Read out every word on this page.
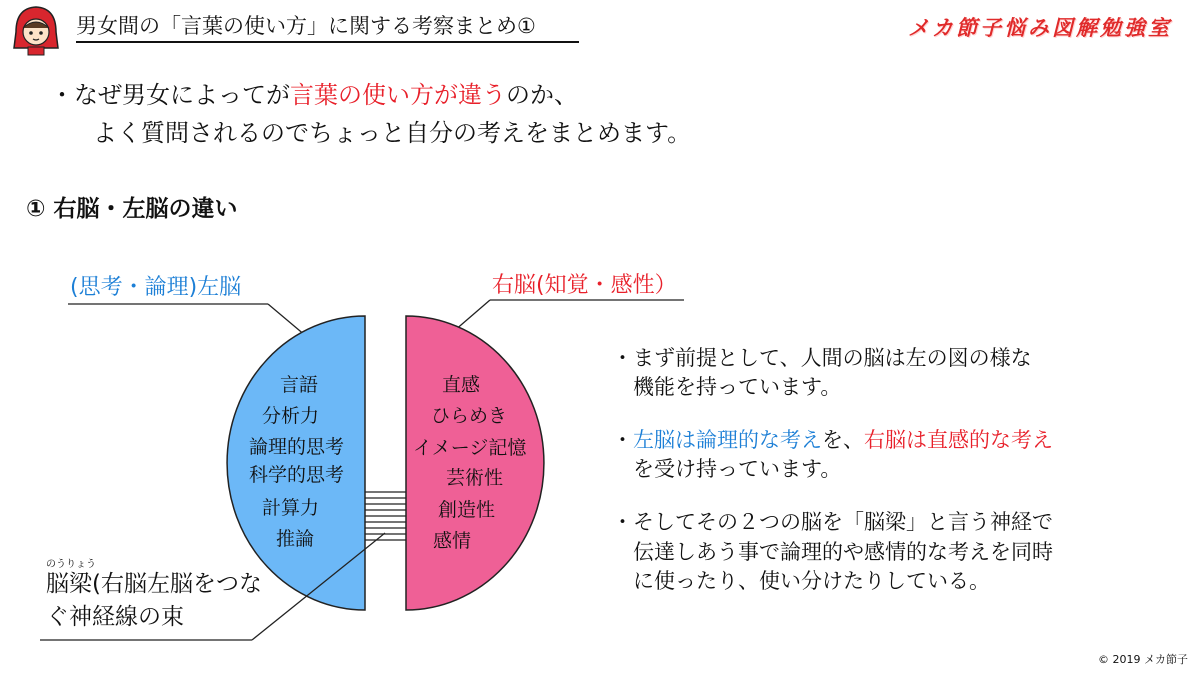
男女間の「言葉の使い方」に関する考察まとめ①	メカ節子悩み図解勉強室
・なぜ男女によってが言葉の使い方が違うのか、
よく質問されるのでちょっと自分の考えをまとめます。
① 右脳・左脳の違い
(思考・論理)左脳	右脳(知覚・感性）
言語
分析力
論理的思考
科学的思考
計算力
推論
直感
ひらめき
イメージ記憶
芸術性
創造性
感情
のうりょう
脳梁(右脳左脳をつなぐ神経線の束
・まず前提として、人間の脳は左の図の様な
機能を持っています。
・左脳は論理的な考えを、右脳は直感的な考え
を受け持っています。
・そしてその２つの脳を「脳梁」と言う神経で
伝達しあう事で論理的や感情的な考えを同時
に使ったり、使い分けたりしている。
© 2019 メカ節子
